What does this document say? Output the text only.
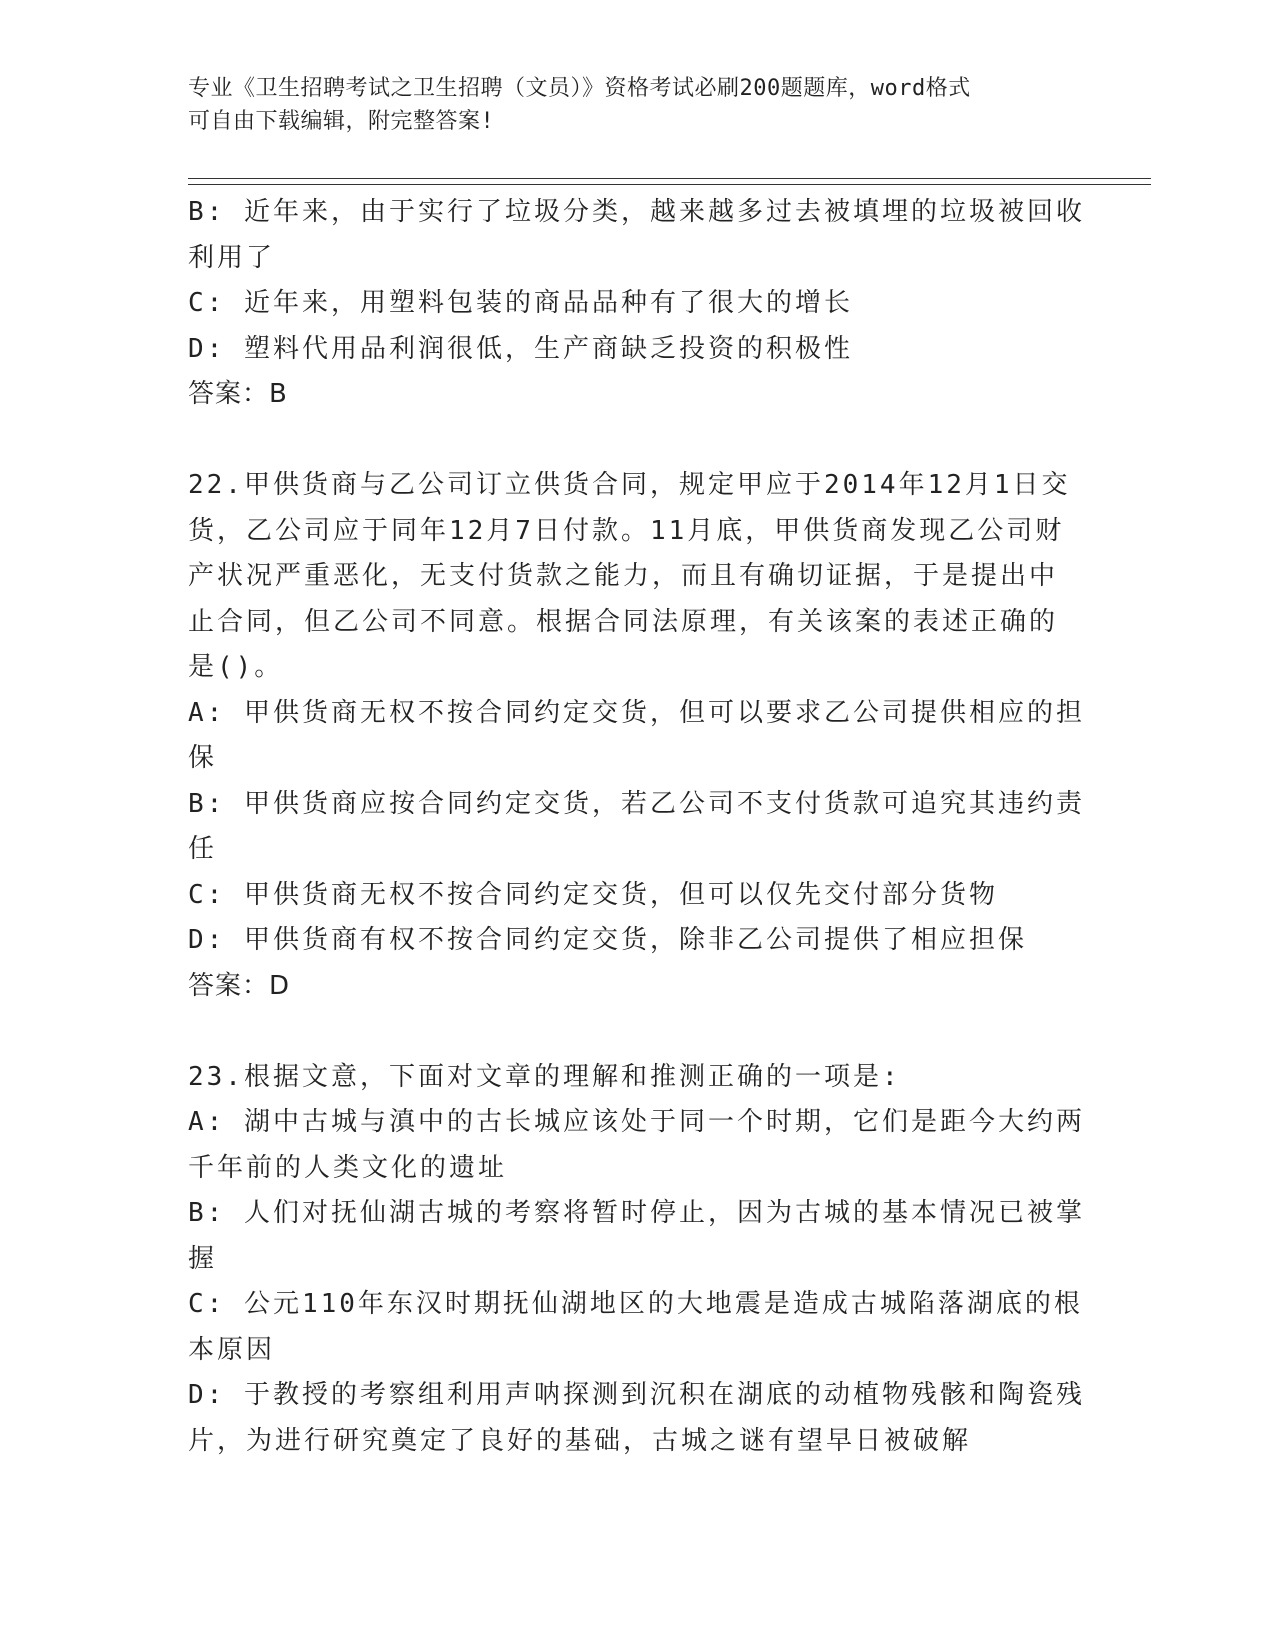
专业《卫生招聘考试之卫生招聘（文员）》资格考试必刷200题题库，word格式
可自由下载编辑，附完整答案!
B: 近年来，由于实行了垃圾分类，越来越多过去被填埋的垃圾被回收
利用了
C: 近年来，用塑料包装的商品品种有了很大的增长
D: 塑料代用品利润很低，生产商缺乏投资的积极性
答案：B
22.甲供货商与乙公司订立供货合同，规定甲应于2014年12月1日交
货，乙公司应于同年12月7日付款。11月底，甲供货商发现乙公司财
产状况严重恶化，无支付货款之能力，而且有确切证据，于是提出中
止合同，但乙公司不同意。根据合同法原理，有关该案的表述正确的
是()。
A: 甲供货商无权不按合同约定交货，但可以要求乙公司提供相应的担
保
B: 甲供货商应按合同约定交货，若乙公司不支付货款可追究其违约责
任
C: 甲供货商无权不按合同约定交货，但可以仅先交付部分货物
D: 甲供货商有权不按合同约定交货，除非乙公司提供了相应担保
答案：D
23.根据文意，下面对文章的理解和推测正确的一项是:
A: 湖中古城与滇中的古长城应该处于同一个时期，它们是距今大约两
千年前的人类文化的遗址
B: 人们对抚仙湖古城的考察将暂时停止，因为古城的基本情况已被掌
握
C: 公元110年东汉时期抚仙湖地区的大地震是造成古城陷落湖底的根
本原因
D: 于教授的考察组利用声呐探测到沉积在湖底的动植物残骸和陶瓷残
片，为进行研究奠定了良好的基础，古城之谜有望早日被破解
